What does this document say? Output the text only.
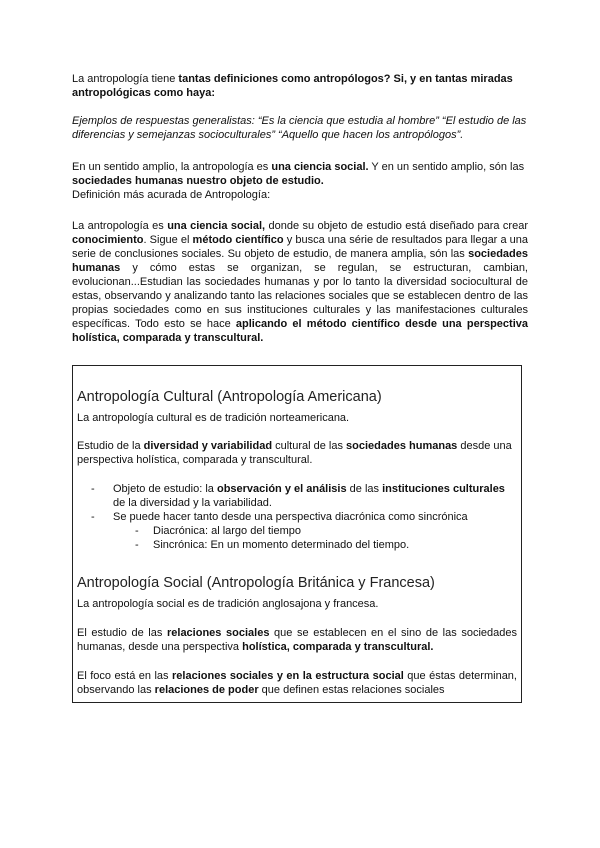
La antropología tiene tantas definiciones como antropólogos? Si, y en tantas miradas antropológicas como haya:

Ejemplos de respuestas generalistas: “Es la ciencia que estudia al hombre” “El estudio de las diferencias y semejanzas socioculturales” “Aquello que hacen los antropólogos”.

En un sentido amplio, la antropología es una ciencia social. Y en un sentido amplio, són las sociedades humanas nuestro objeto de estudio.

Definición más acurada de Antropología:

La antropología es una ciencia social, donde su objeto de estudio está diseñado para crear conocimiento. Sigue el método científico y busca una série de resultados para llegar a una serie de conclusiones sociales. Su objeto de estudio, de manera amplia, són las sociedades humanas y cómo estas se organizan, se regulan, se estructuran, cambian, evolucionan...Estudian las sociedades humanas y por lo tanto la diversidad sociocultural de estas, observando y analizando tanto las relaciones sociales que se establecen dentro de las propias sociedades como en sus instituciones culturales y las manifestaciones culturales específicas. Todo esto se hace aplicando el método científico desde una perspectiva holística, comparada y transcultural.

Antropología Cultural (Antropología Americana)

La antropología cultural es de tradición norteamericana.

Estudio de la diversidad y variabilidad cultural de las sociedades humanas desde una perspectiva holística, comparada y transcultural.

- Objeto de estudio: la observación y el análisis de las instituciones culturales de la diversidad y la variabilidad.
- Se puede hacer tanto desde una perspectiva diacrónica como sincrónica
- Diacrónica: al largo del tiempo
- Sincrónica: En un momento determinado del tiempo.
Antropología Social (Antropología Británica y Francesa)

La antropología social es de tradición anglosajona y francesa.

El estudio de las relaciones sociales que se establecen en el sino de las sociedades humanas, desde una perspectiva holística, comparada y transcultural.

El foco está en las relaciones sociales y en la estructura social que éstas determinan, observando las relaciones de poder que definen estas relaciones sociales
